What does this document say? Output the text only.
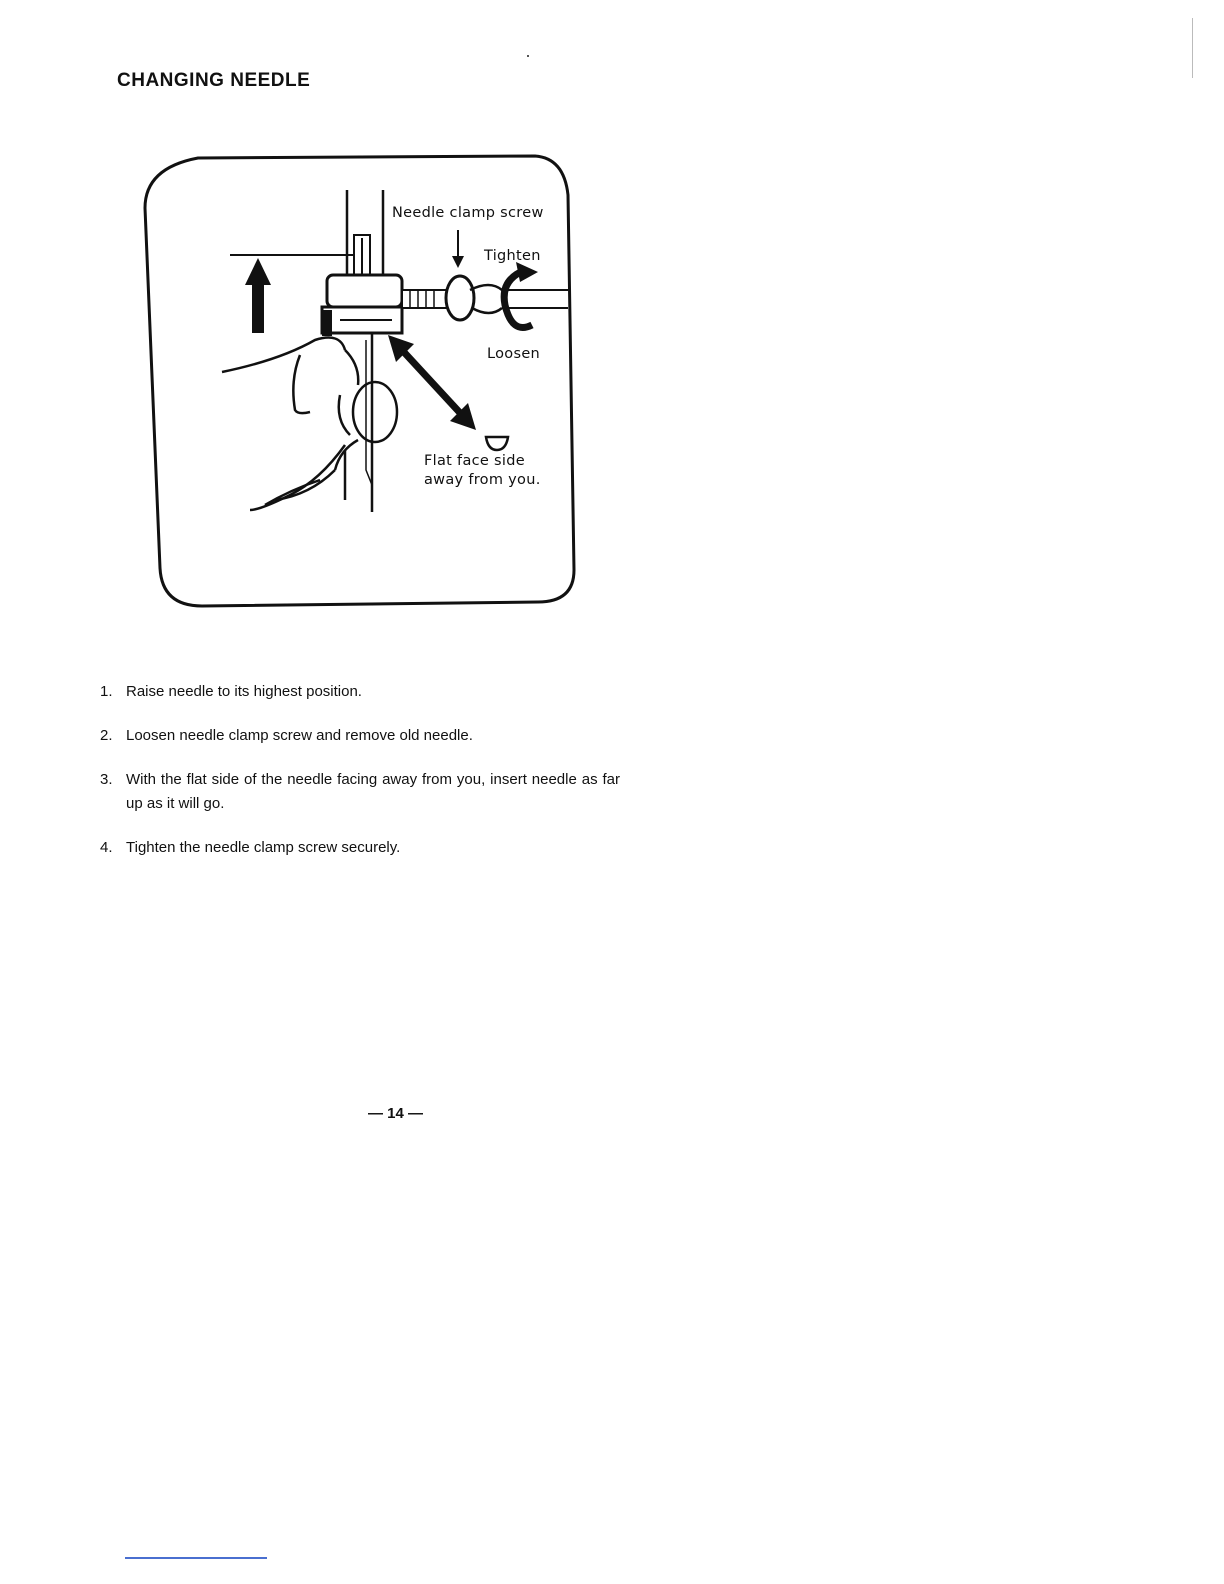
CHANGING NEEDLE
Needle clamp screw
Tighten
Loosen
Flat face side
away from you.
1. Raise needle to its highest position.
2. Loosen needle clamp screw and remove old needle.
3. With the flat side of the needle facing away from you, insert needle as far up as it will go.
4. Tighten the needle clamp screw securely.
— 14 —
